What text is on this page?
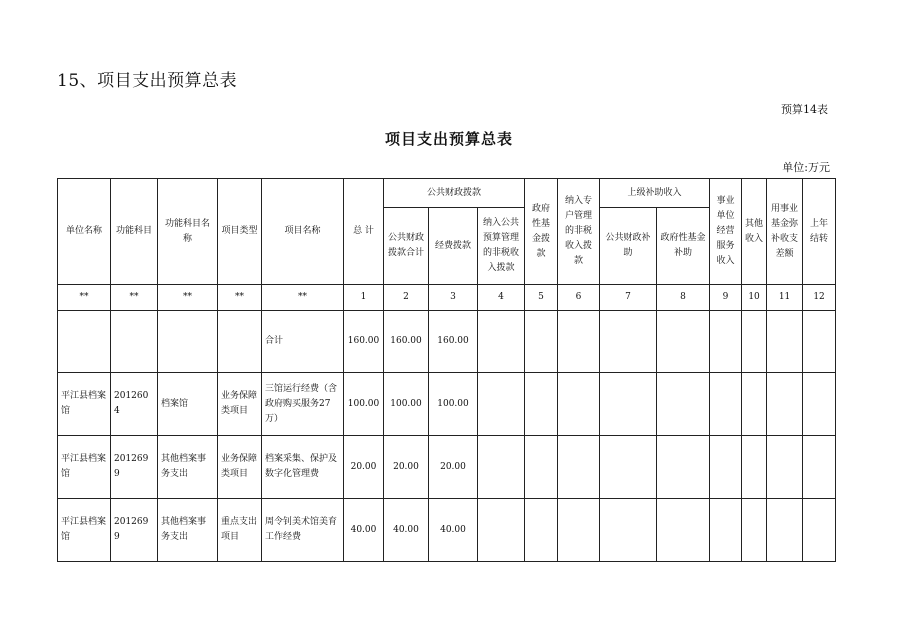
15、项目支出预算总表
预算14表
项目支出预算总表
单位:万元
单位名称	功能科目	功能科目名称	项目类型	项目名称	总 计	公共财政拨款			政府性基金拨款	纳入专户管理的非税收入拨款	上级补助收入		事业单位经营服务收入	其他收入	用事业基金弥补收支差额	上年结转
						公共财政拨款合计	经费拨款	纳入公共预算管理的非税收入拨款			公共财政补助	政府性基金补助				
**	**	**	**	**	1	2	3	4	5	6	7	8	9	10	11	12
				合计	160.00	160.00	160.00									
平江县档案馆	2012604	档案馆	业务保障类项目	三馆运行经费（含政府购买服务27万）	100.00	100.00	100.00									
平江县档案馆	2012699	其他档案事务支出	业务保障类项目	档案采集、保护及数字化管理费	20.00	20.00	20.00									
平江县档案馆	2012699	其他档案事务支出	重点支出项目	周令钊美术馆美育工作经费	40.00	40.00	40.00									
